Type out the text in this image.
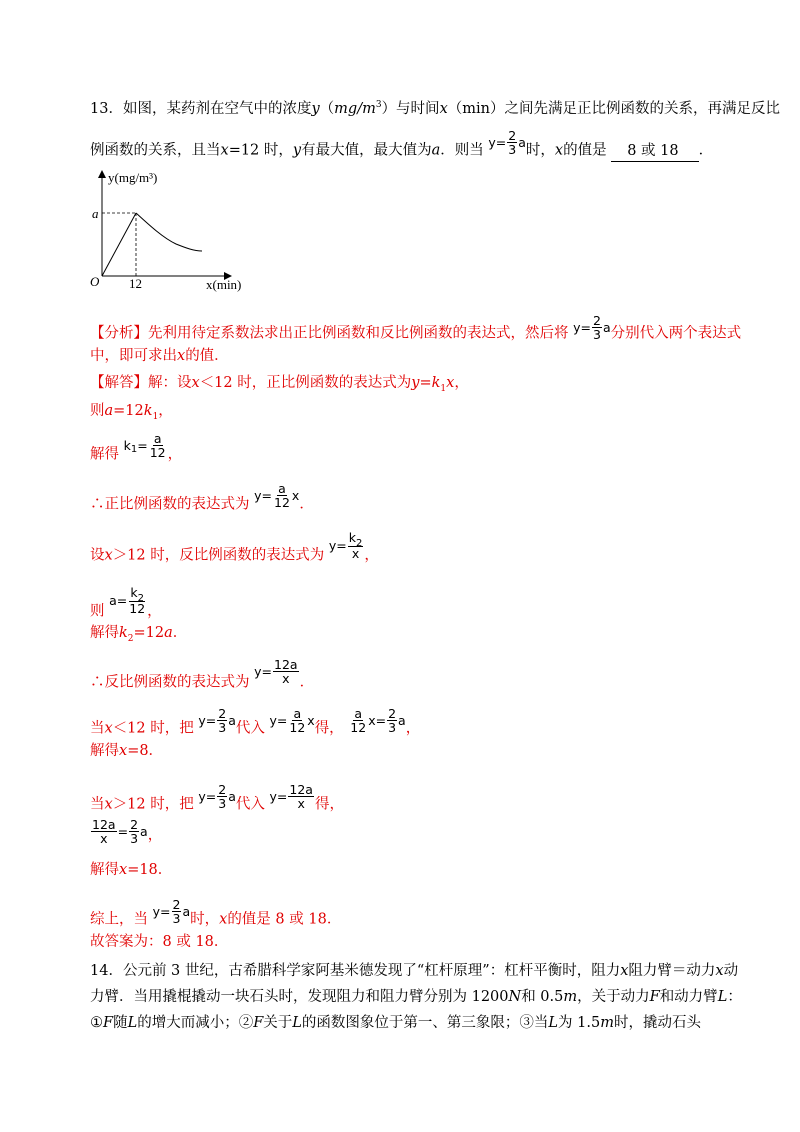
13．如图，某药剂在空气中的浓度$y(mg/m^3)$与时间x（min）之间先满足正比例函数的关系，再满足反比
例函数的关系，且当x=12 时，y有最大值，最大值为a．则当
$y = \frac{2}{3}$ a
时，x的值是 8 或 18 ．
y(mg/m³)
a
O 12	x(min)
【分析】先利用待定系数法求出正比例函数和反比例函数的表达式，然后将 $y = \frac{2}{3}$ a 分别代入两个表达式
中，即可求出x的值．
【解答】解：设x＜12 时，正比例函数的表达式为$y=k_1x$，
则$a=12k_1$，
解得
k $1 = \frac{a}{12}$ ，
∴正比例函数的表达式为
$y = \frac{a}{12}$ x
．
设x＞12 时，反比例函数的表达式为
$y = \frac{k_2}{x}$ ，
则
$a = \frac{k_2}{12}$ ，
解得$k_2=12a$．
∴反比例函数的表达式为
$y = \frac{12a}{x}$ ．
当x＜12 时，把
$y = \frac{2}{3}$ a
代入
$y = \frac{a}{12}$ x
得， $\frac{a}{12}$ $x = \frac{2}{3}$ a
，
解得x=8．
当x＞12 时，把
$y = \frac{2}{3}$ a
代入
$y = \frac{12a}{x}$ 得，
$\frac{12a}{x} = \frac{2}{3}$ a ，
解得x=18．
综上，当
$y = \frac{2}{3}$ a
时，x的值是 8 或 18．
故答案为：8 或 18．
14．公元前 3 世纪，古希腊科学家阿基米德发现了“杠杆原理”：杠杆平衡时，阻力x阻力臂＝动力x动
力臂．当用撬棍撬动一块石头时，发现阻力和阻力臂分别为 1200N和 0.5m，关于动力F和动力臂L：
①F随L的增大而减小；②F关于L的函数图象位于第一、第三象限；③当L为 1.5m时，撬动石头
